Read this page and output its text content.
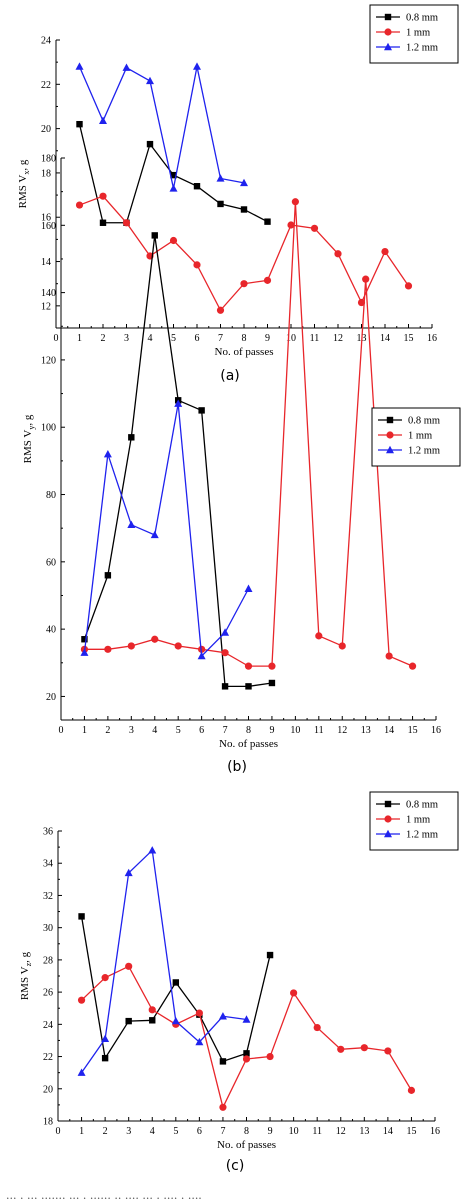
0 1 2 3 4 5 6 7 8 9 10 11 12 13 14 15 16
12
14
16
18
20
22
24
No. of passes
RMS $V_x$, g
0.8 mm
1 mm
1.2 mm
(a)
0 1 2 3 4 5 6 7 8 9 10 11 12 13 14 15 16
20
40
60
80
100
120
140
160
180
No. of passes
RMS $V_y$, g	0.8 mm
1 mm
1.2 mm
(b)
0 1 2 3 4 5 6 7 8 9 10 11 12 13 14 15 16
18
20
22
24
26
28
30
32
34
36
No. of passes
RMS $V_z$, g
0.8 mm
1 mm
1.2 mm
(c)
... . ... ....... ... . ...... .. .... ... . .... . ....
